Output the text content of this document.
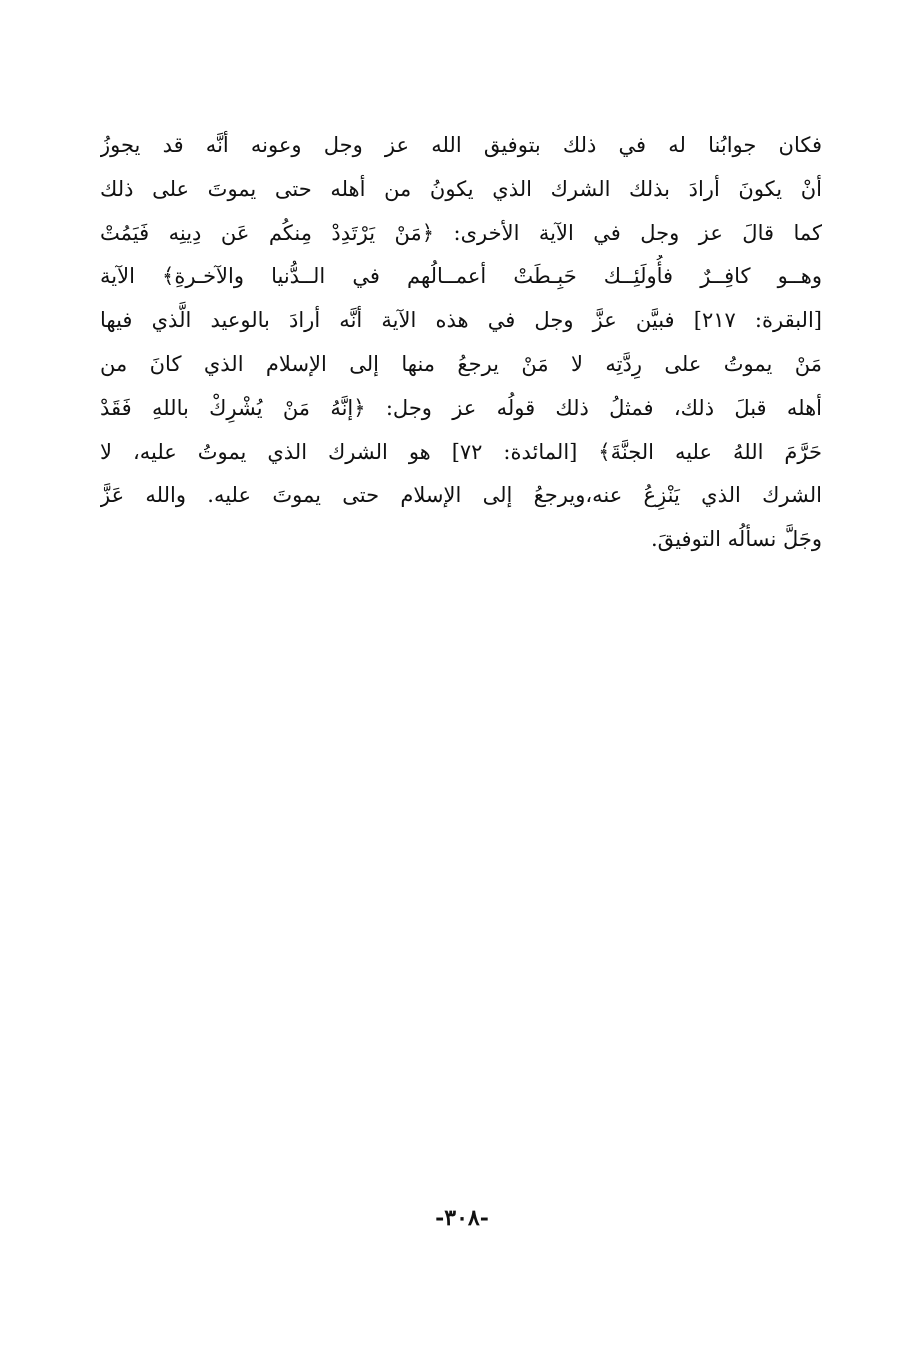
فكان جوابُنا له في ذلك بتوفيق الله عز وجل وعونه أنَّه قد يجوزُ
أنْ يكونَ أرادَ بذلك الشرك الذي يكونُ من أهله حتى يموتَ على ذلك
كما قالَ عز وجل في الآية الأخرى: ﴿مَنْ يَرْتَدِدْ مِنكُم عَن دِينِه فَيَمُتْ
وهــو كافِــرٌ فأُولَئِــك حَبِـطَتْ أعمــالُهم في الــدُّنيا والآخـرةِ﴾ الآية
[البقرة: ٢١٧] فبيَّن عزَّ وجل في هذه الآية أنَّه أرادَ بالوعيد الَّذي فيها
مَنْ يموتُ على رِدَّتِه لا مَنْ يرجعُ منها إلى الإسلام الذي كانَ من
أهله قبلَ ذلك، فمثلُ ذلك قولُه عز وجل: ﴿إنَّهُ مَنْ يُشْرِكْ باللهِ فَقَدْ
حَرَّمَ اللهُ عليه الجنَّةَ﴾ [المائدة: ٧٢] هو الشرك الذي يموتُ عليه، لا
الشرك الذي يَنْزِعُ عنه،ويرجعُ إلى الإسلام حتى يموتَ عليه. والله عَزَّ
وجَلَّ نسألُه التوفيقَ.
-٣٠٨-
